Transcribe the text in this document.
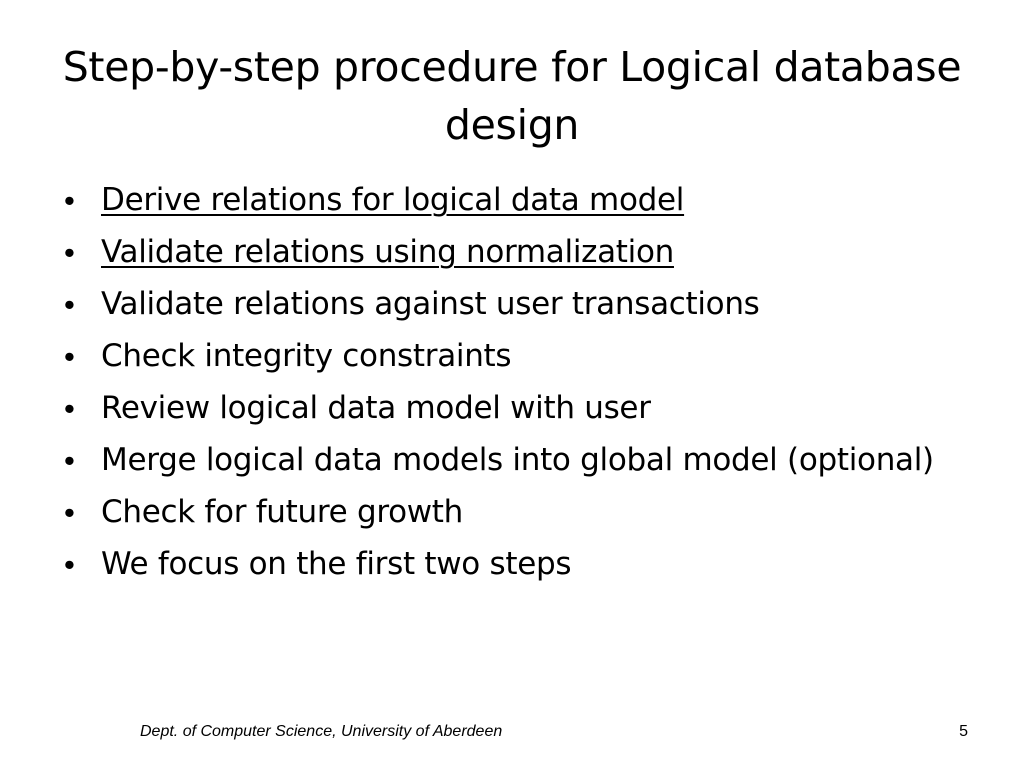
Step-by-step procedure for Logical database design
• Derive relations for logical data model
• Validate relations using normalization
• Validate relations against user transactions
• Check integrity constraints
• Review logical data model with user
• Merge logical data models into global model (optional)
• Check for future growth
• We focus on the first two steps
Dept. of Computer Science, University of Aberdeen	5
